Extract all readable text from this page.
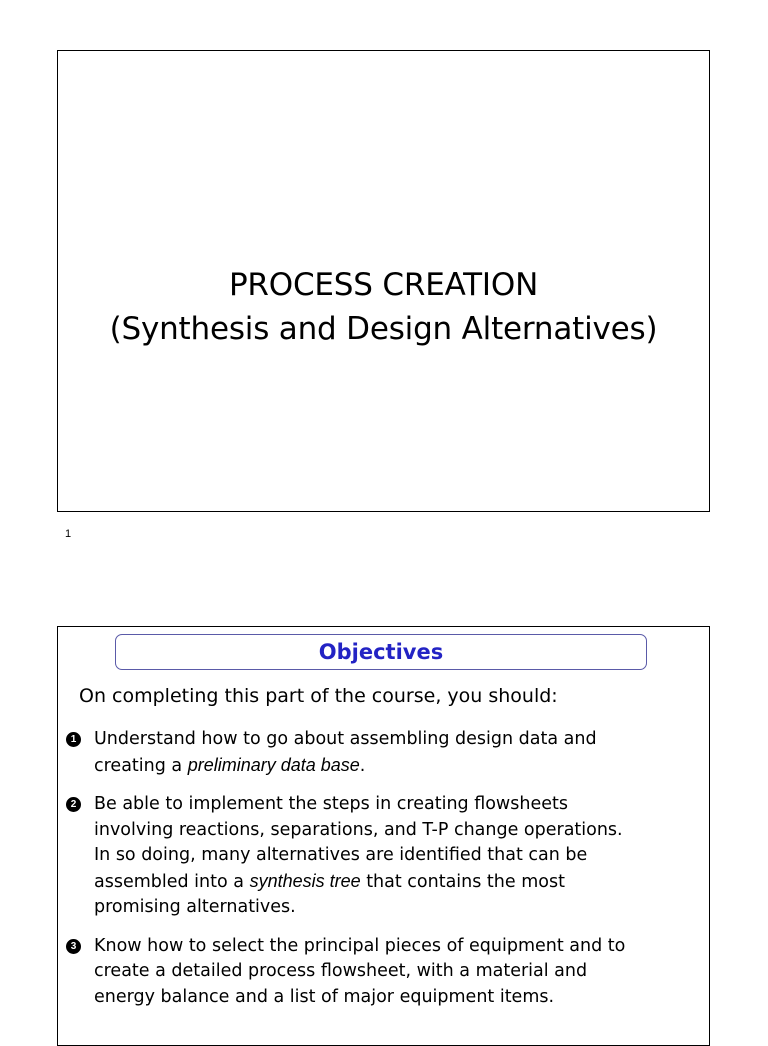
PROCESS CREATION
(Synthesis and Design Alternatives)
1
Objectives
On completing this part of the course, you should:
1 Understand how to go about assembling design data and
creating a preliminary data base.
2 Be able to implement the steps in creating flowsheets
involving reactions, separations, and T-P change operations.
In so doing, many alternatives are identified that can be
assembled into a synthesis tree that contains the most
promising alternatives.
3 Know how to select the principal pieces of equipment and to
create a detailed process flowsheet, with a material and
energy balance and a list of major equipment items.
